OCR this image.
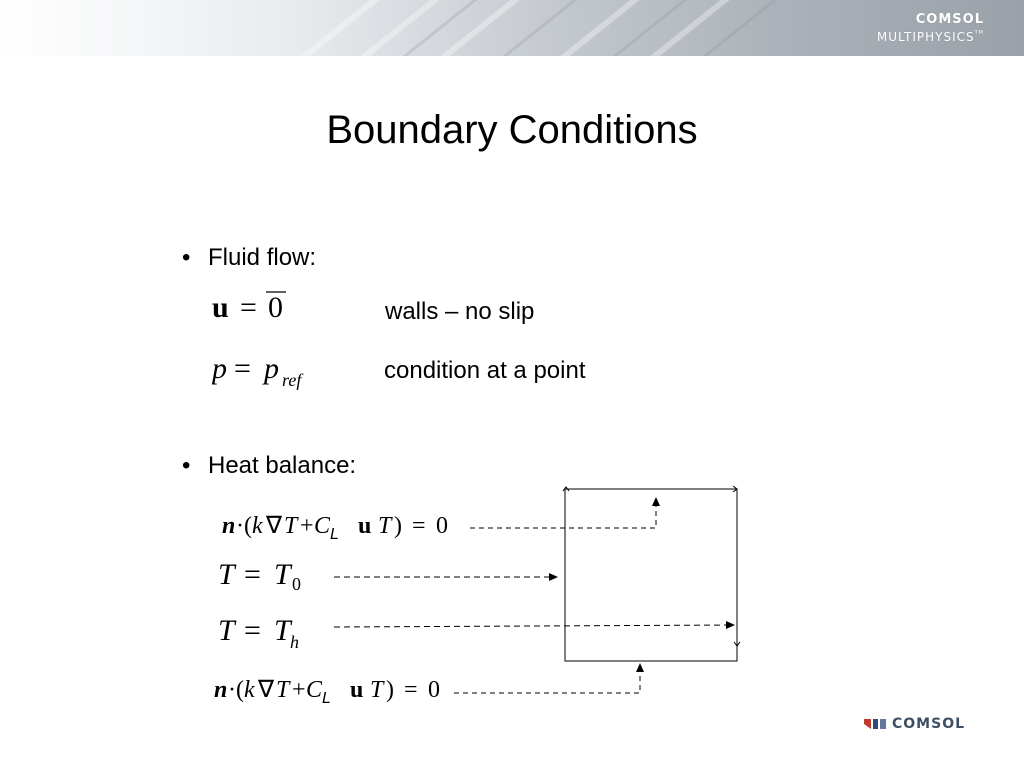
COMSOL
MULTIPHYSICS™
Boundary Conditions
• Fluid flow:
u = 0	walls – no slip
p = p ref	condition at a point
• Heat balance:
n ·( k ∇ T + C L u T ) = 0
T = T 0
T = T h
n ·( k ∇ T + C L u T ) = 0
COMSOL
